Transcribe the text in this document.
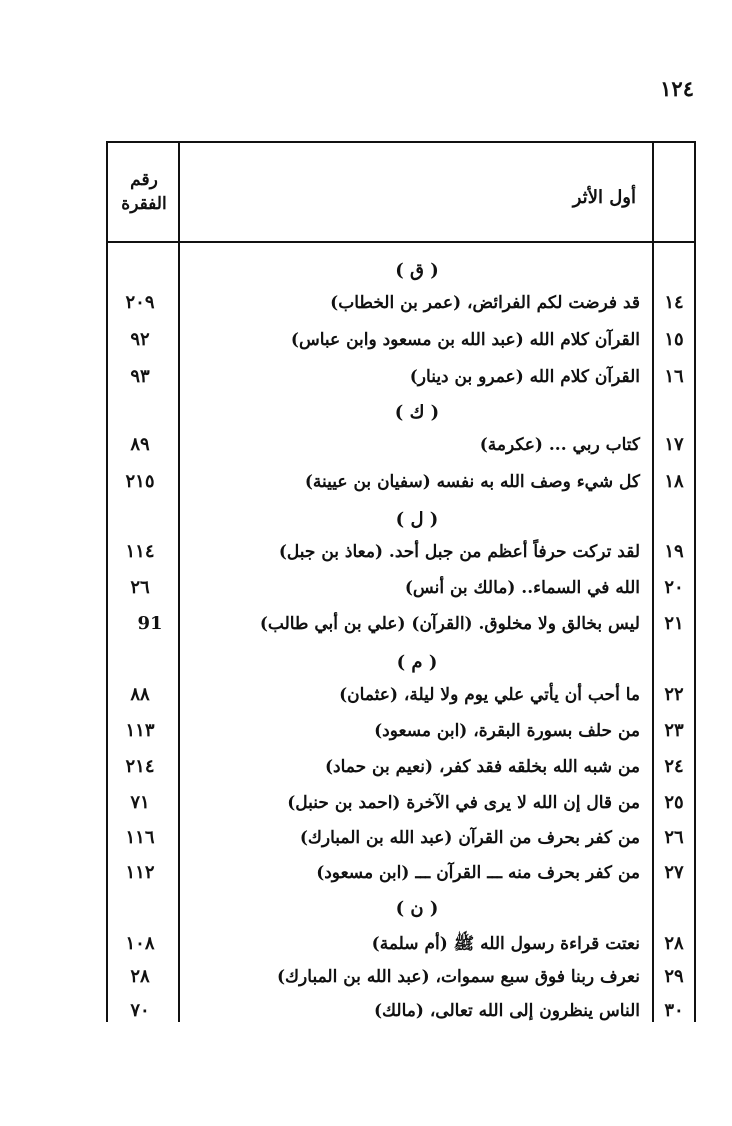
١٢٤
رقم
الفقرة	أول الأثر
( ق )
١٤
قد فرضت لكم الفرائض، (عمر بن الخطاب)
٢٠٩
١٥
القرآن كلام الله (عبد الله بن مسعود وابن عباس)
٩٢
١٦
القرآن كلام الله (عمرو بن دينار)
٩٣
( ك )
١٧
كتاب ربي ... (عكرمة)
٨٩
١٨
كل شيء وصف الله به نفسه (سفيان بن عيينة)
٢١٥
( ل )
١٩
لقد تركت حرفاً أعظم من جبل أحد. (معاذ بن جبل)
١١٤
٢٠
الله في السماء.. (مالك بن أنس)
٢٦
٢١
ليس بخالق ولا مخلوق. (القرآن) (علي بن أبي طالب)
91
( م )
٢٢
ما أحب أن يأتي علي يوم ولا ليلة، (عثمان)
٨٨
٢٣
من حلف بسورة البقرة، (ابن مسعود)
١١٣
٢٤
من شبه الله بخلقه فقد كفر، (نعيم بن حماد)
٢١٤
٢٥
من قال إن الله لا يرى في الآخرة (احمد بن حنبل)
٧١
٢٦
من كفر بحرف من القرآن (عبد الله بن المبارك)
١١٦
٢٧
من كفر بحرف منه ـــ القرآن ـــ (ابن مسعود)
١١٢
( ن )
٢٨
نعتت قراءة رسول الله ﷺ (أم سلمة)
١٠٨
٢٩
نعرف ربنا فوق سبع سموات، (عبد الله بن المبارك)
٢٨
٣٠
الناس ينظرون إلى الله تعالى، (مالك)
٧٠
